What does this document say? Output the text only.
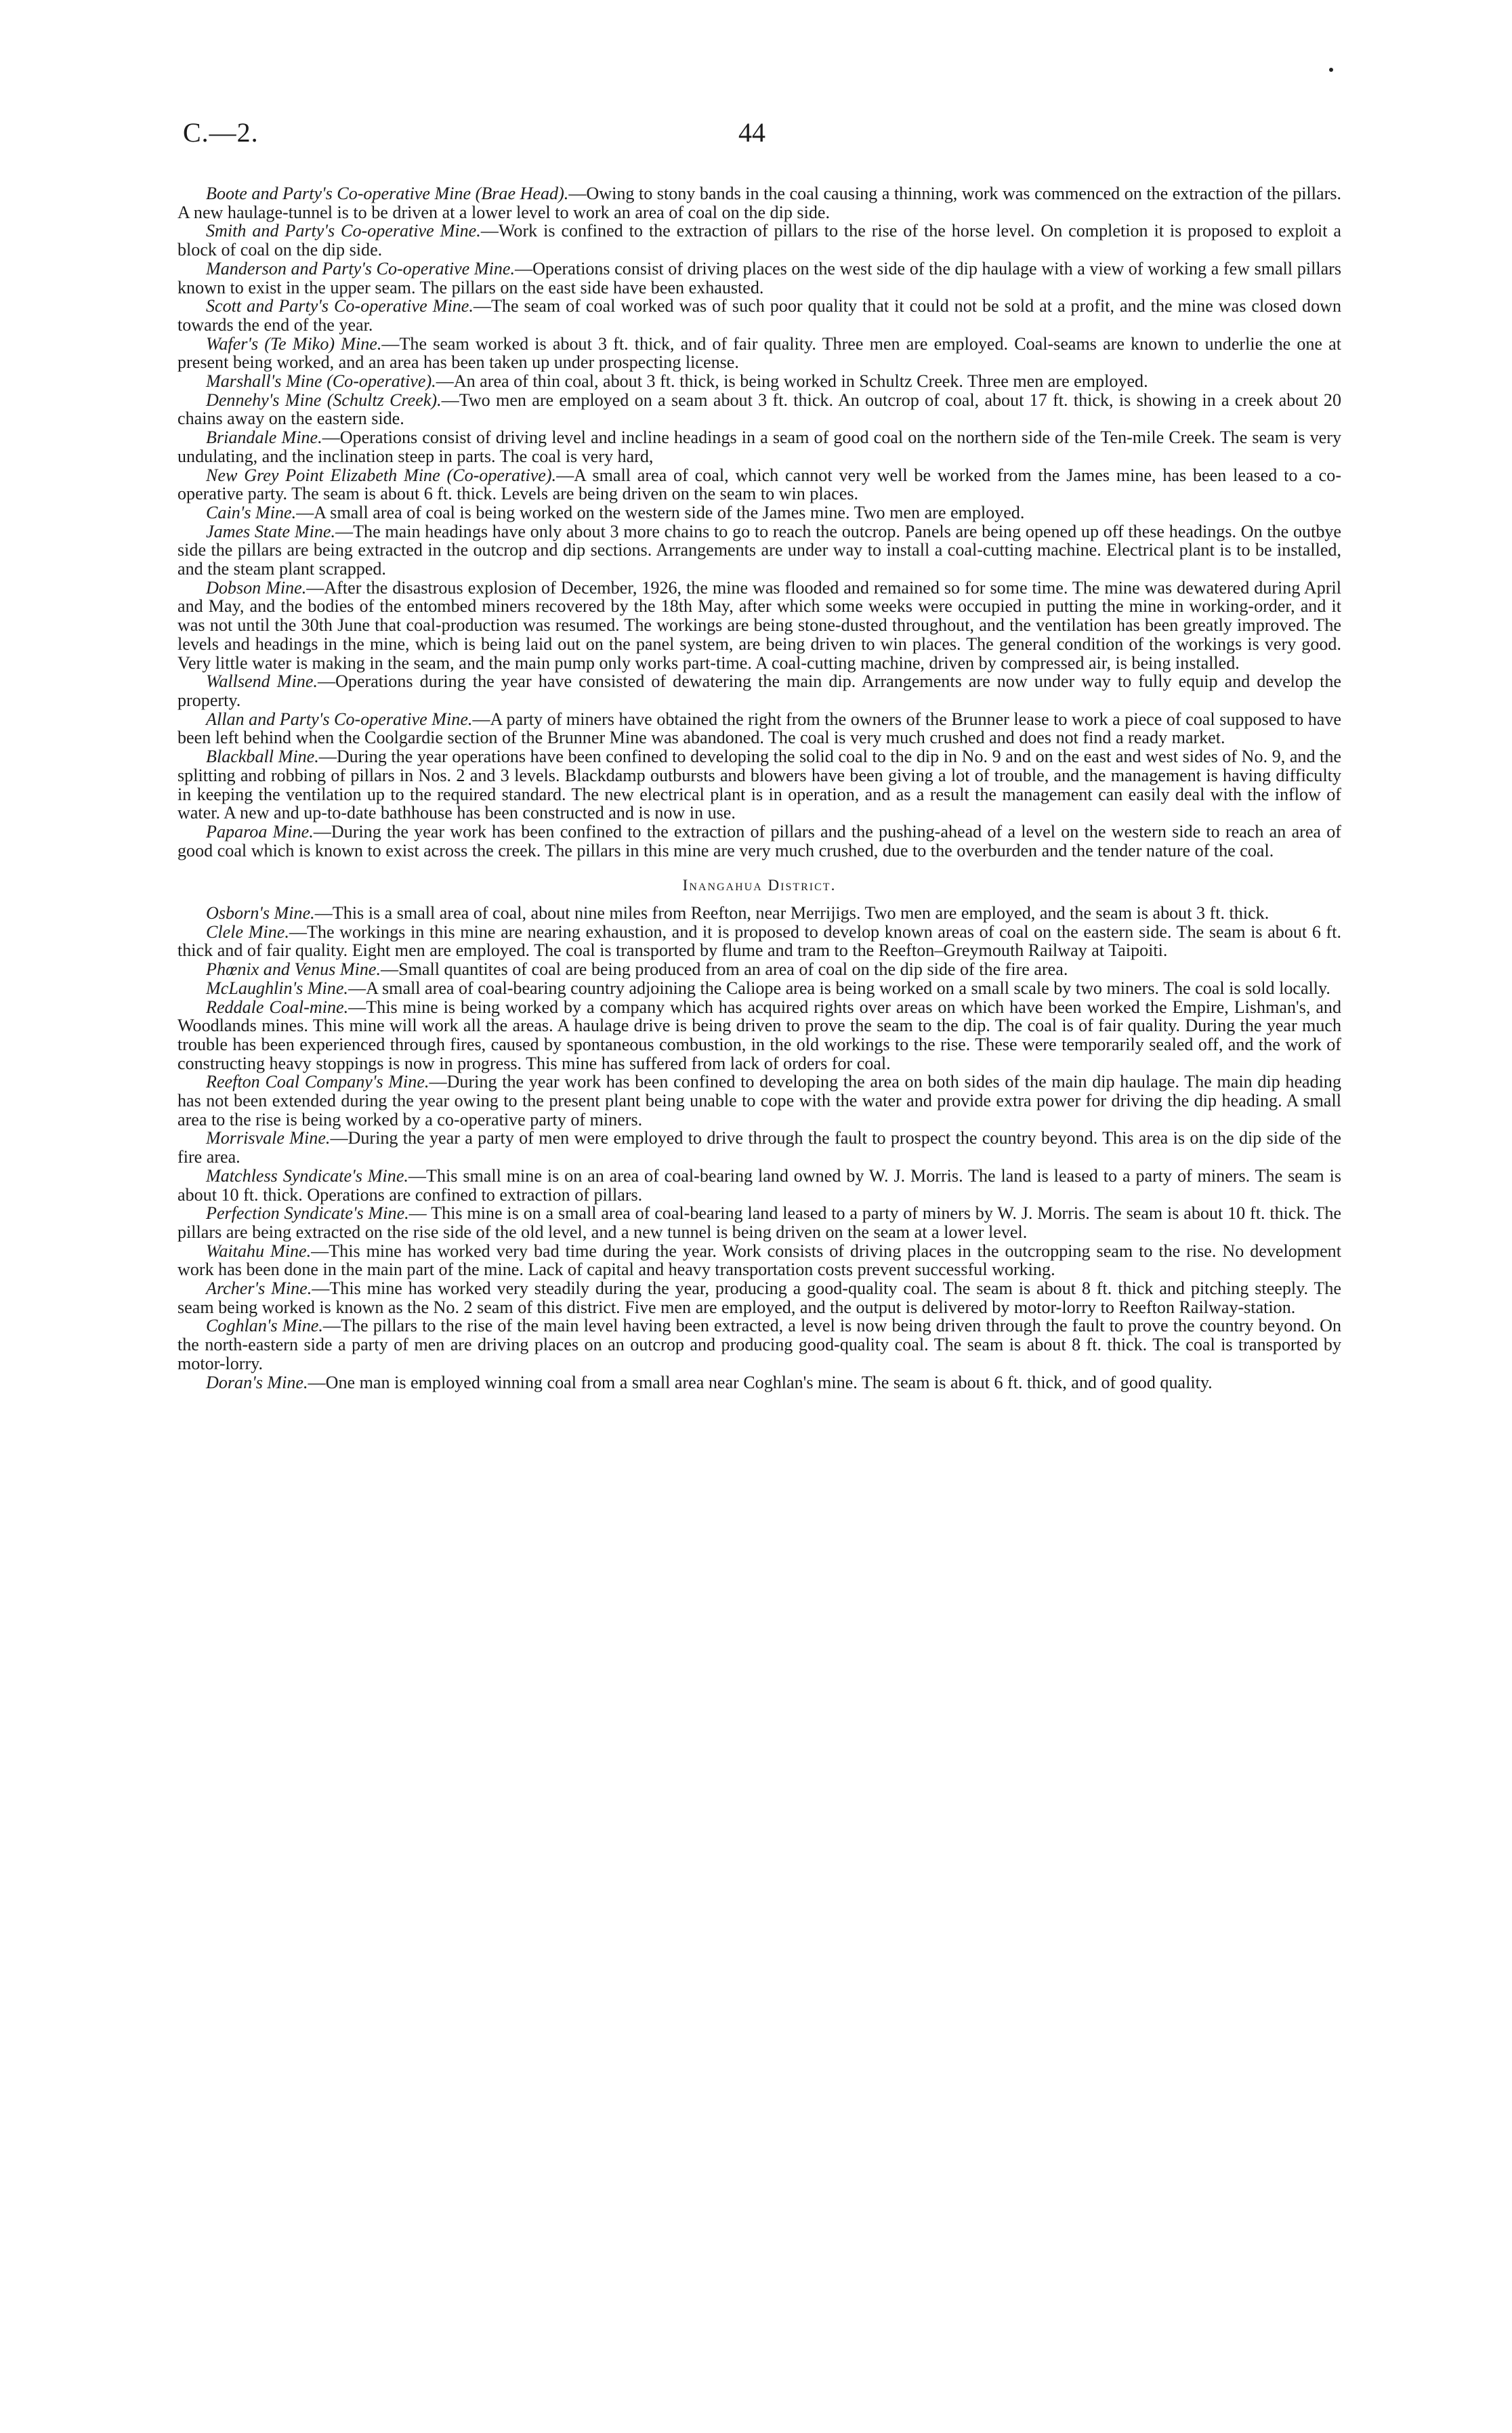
C.—2.	44

Boote and Party's Co-operative Mine (Brae Head).—Owing to stony bands in the coal causing a thinning, work was commenced on the extraction of the pillars. A new haulage-tunnel is to be driven at a lower level to work an area of coal on the dip side.

Smith and Party's Co-operative Mine.—Work is confined to the extraction of pillars to the rise of the horse level. On completion it is proposed to exploit a block of coal on the dip side.

Manderson and Party's Co-operative Mine.—Operations consist of driving places on the west side of the dip haulage with a view of working a few small pillars known to exist in the upper seam. The pillars on the east side have been exhausted.

Scott and Party's Co-operative Mine.—The seam of coal worked was of such poor quality that it could not be sold at a profit, and the mine was closed down towards the end of the year.

Wafer's (Te Miko) Mine.—The seam worked is about 3 ft. thick, and of fair quality. Three men are employed. Coal-seams are known to underlie the one at present being worked, and an area has been taken up under prospecting license.

Marshall's Mine (Co-operative).—An area of thin coal, about 3 ft. thick, is being worked in Schultz Creek. Three men are employed.

Dennehy's Mine (Schultz Creek).—Two men are employed on a seam about 3 ft. thick. An outcrop of coal, about 17 ft. thick, is showing in a creek about 20 chains away on the eastern side.

Briandale Mine.—Operations consist of driving level and incline headings in a seam of good coal on the northern side of the Ten-mile Creek. The seam is very undulating, and the inclination steep in parts. The coal is very hard,

New Grey Point Elizabeth Mine (Co-operative).—A small area of coal, which cannot very well be worked from the James mine, has been leased to a co-operative party. The seam is about 6 ft. thick. Levels are being driven on the seam to win places.

Cain's Mine.—A small area of coal is being worked on the western side of the James mine. Two men are employed.

James State Mine.—The main headings have only about 3 more chains to go to reach the outcrop. Panels are being opened up off these headings. On the outbye side the pillars are being extracted in the outcrop and dip sections. Arrangements are under way to install a coal-cutting machine. Electrical plant is to be installed, and the steam plant scrapped.

Dobson Mine.—After the disastrous explosion of December, 1926, the mine was flooded and remained so for some time. The mine was dewatered during April and May, and the bodies of the entombed miners recovered by the 18th May, after which some weeks were occupied in putting the mine in working-order, and it was not until the 30th June that coal-production was resumed. The workings are being stone-dusted throughout, and the ventilation has been greatly improved. The levels and headings in the mine, which is being laid out on the panel system, are being driven to win places. The general condition of the workings is very good. Very little water is making in the seam, and the main pump only works part-time. A coal-cutting machine, driven by compressed air, is being installed.

Wallsend Mine.—Operations during the year have consisted of dewatering the main dip. Arrangements are now under way to fully equip and develop the property.

Allan and Party's Co-operative Mine.—A party of miners have obtained the right from the owners of the Brunner lease to work a piece of coal supposed to have been left behind when the Coolgardie section of the Brunner Mine was abandoned. The coal is very much crushed and does not find a ready market.

Blackball Mine.—During the year operations have been confined to developing the solid coal to the dip in No. 9 and on the east and west sides of No. 9, and the splitting and robbing of pillars in Nos. 2 and 3 levels. Blackdamp outbursts and blowers have been giving a lot of trouble, and the management is having difficulty in keeping the ventilation up to the required standard. The new electrical plant is in operation, and as a result the management can easily deal with the inflow of water. A new and up-to-date bathhouse has been constructed and is now in use.

Paparoa Mine.—During the year work has been confined to the extraction of pillars and the pushing-ahead of a level on the western side to reach an area of good coal which is known to exist across the creek. The pillars in this mine are very much crushed, due to the overburden and the tender nature of the coal.

Inangahua District.

Osborn's Mine.—This is a small area of coal, about nine miles from Reefton, near Merrijigs. Two men are employed, and the seam is about 3 ft. thick.

Clele Mine.—The workings in this mine are nearing exhaustion, and it is proposed to develop known areas of coal on the eastern side. The seam is about 6 ft. thick and of fair quality. Eight men are employed. The coal is transported by flume and tram to the Reefton–Greymouth Railway at Taipoiti.

Phœnix and Venus Mine.—Small quantites of coal are being produced from an area of coal on the dip side of the fire area.

McLaughlin's Mine.—A small area of coal-bearing country adjoining the Caliope area is being worked on a small scale by two miners. The coal is sold locally.

Reddale Coal-mine.—This mine is being worked by a company which has acquired rights over areas on which have been worked the Empire, Lishman's, and Woodlands mines. This mine will work all the areas. A haulage drive is being driven to prove the seam to the dip. The coal is of fair quality. During the year much trouble has been experienced through fires, caused by spontaneous combustion, in the old workings to the rise. These were temporarily sealed off, and the work of constructing heavy stoppings is now in progress. This mine has suffered from lack of orders for coal.

Reefton Coal Company's Mine.—During the year work has been confined to developing the area on both sides of the main dip haulage. The main dip heading has not been extended during the year owing to the present plant being unable to cope with the water and provide extra power for driving the dip heading. A small area to the rise is being worked by a co-operative party of miners.

Morrisvale Mine.—During the year a party of men were employed to drive through the fault to prospect the country beyond. This area is on the dip side of the fire area.

Matchless Syndicate's Mine.—This small mine is on an area of coal-bearing land owned by W. J. Morris. The land is leased to a party of miners. The seam is about 10 ft. thick. Operations are confined to extraction of pillars.

Perfection Syndicate's Mine.— This mine is on a small area of coal-bearing land leased to a party of miners by W. J. Morris. The seam is about 10 ft. thick. The pillars are being extracted on the rise side of the old level, and a new tunnel is being driven on the seam at a lower level.

Waitahu Mine.—This mine has worked very bad time during the year. Work consists of driving places in the outcropping seam to the rise. No development work has been done in the main part of the mine. Lack of capital and heavy transportation costs prevent successful working.

Archer's Mine.—This mine has worked very steadily during the year, producing a good-quality coal. The seam is about 8 ft. thick and pitching steeply. The seam being worked is known as the No. 2 seam of this district. Five men are employed, and the output is delivered by motor-lorry to Reefton Railway-station.

Coghlan's Mine.—The pillars to the rise of the main level having been extracted, a level is now being driven through the fault to prove the country beyond. On the north-eastern side a party of men are driving places on an outcrop and producing good-quality coal. The seam is about 8 ft. thick. The coal is transported by motor-lorry.

Doran's Mine.—One man is employed winning coal from a small area near Coghlan's mine. The seam is about 6 ft. thick, and of good quality.
